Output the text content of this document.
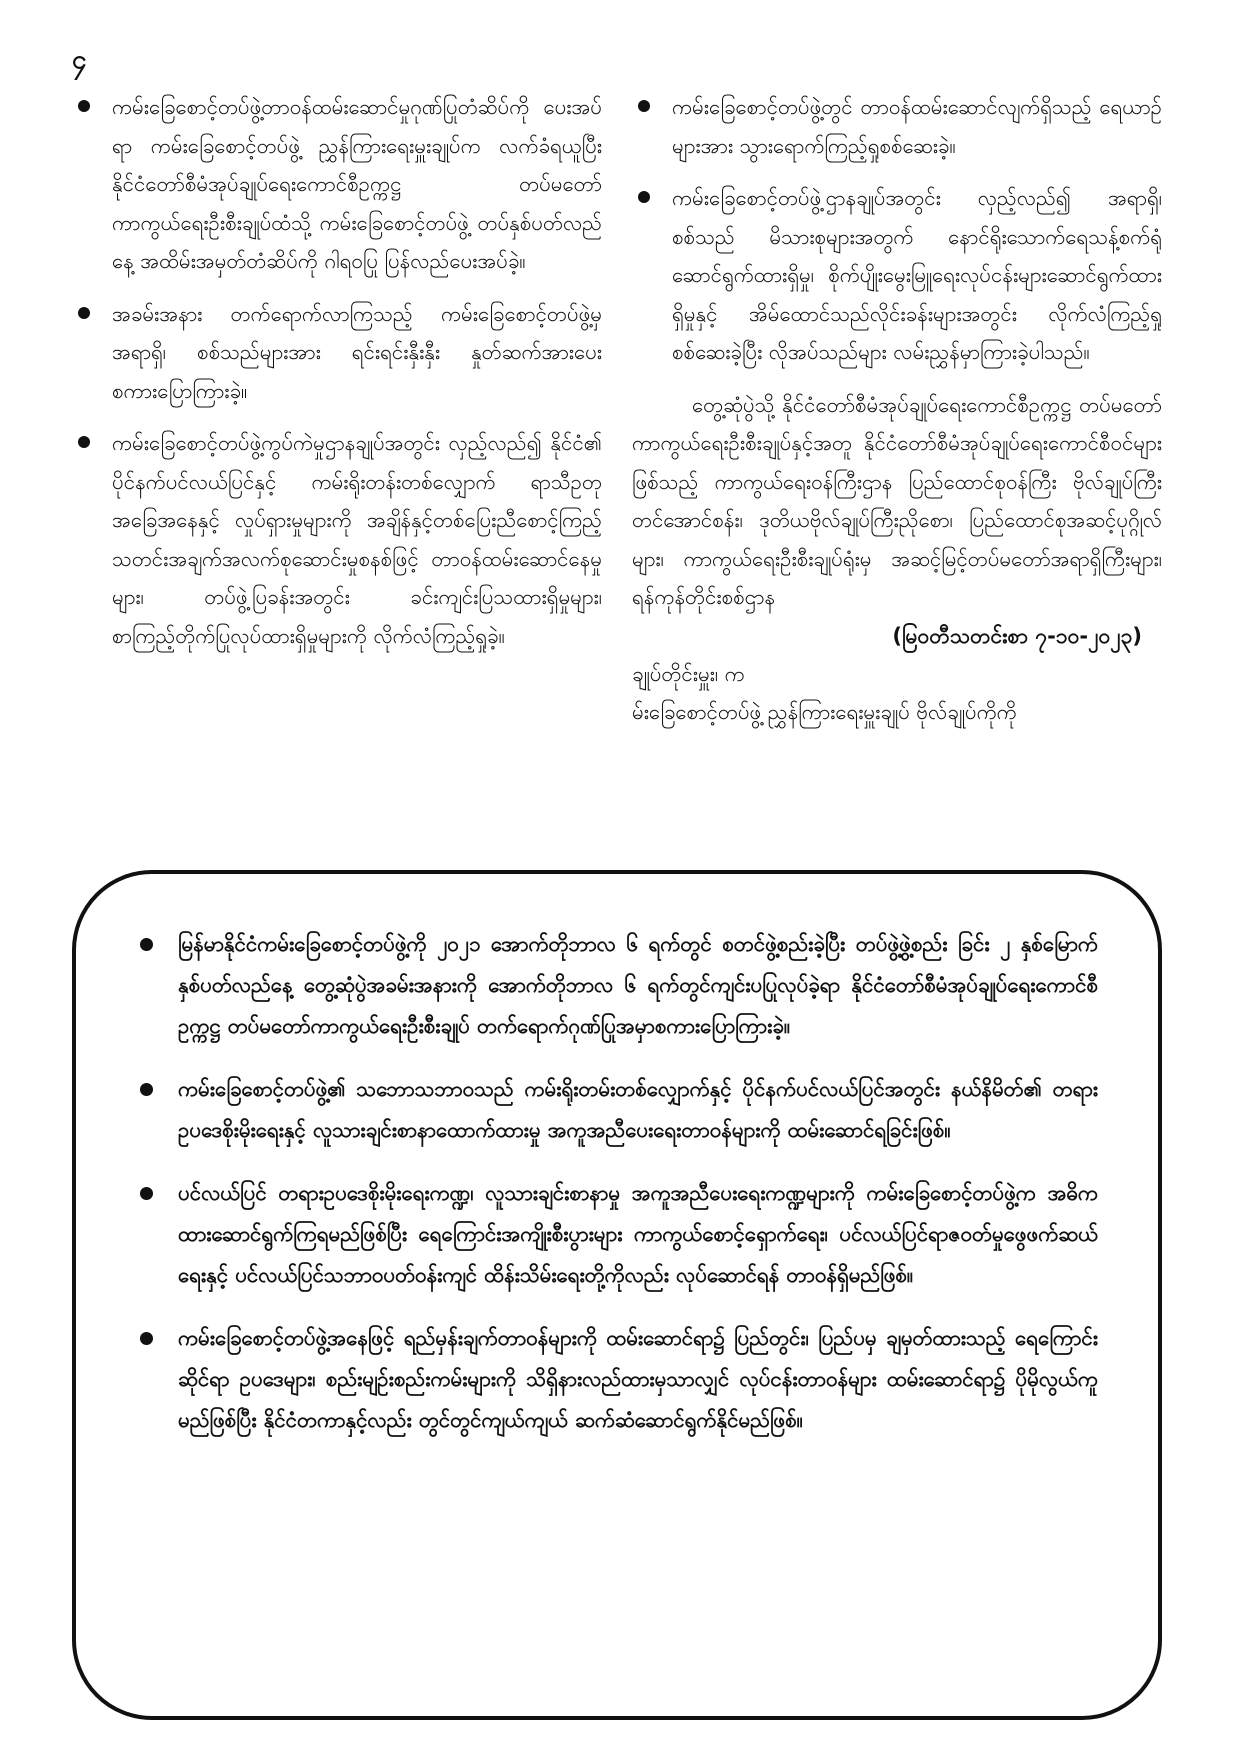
၄
ကမ်းခြေစောင့်တပ်ဖွဲ့တာဝန်ထမ်းဆောင်မှုဂုဏ်ပြုတံဆိပ်ကို ပေးအပ်ရာ ကမ်းခြေစောင့်တပ်ဖွဲ့ ညွှန်ကြားရေးမှူးချုပ်က လက်ခံရယူပြီး နိုင်ငံတော်စီမံအုပ်ချုပ်ရေးကောင်စီဥက္ကဋ္ဌ တပ်မတော်ကာကွယ်ရေးဦးစီးချုပ်ထံသို့ ကမ်းခြေစောင့်တပ်ဖွဲ့ တပ်နှစ်ပတ်လည်နေ့ အထိမ်းအမှတ်တံဆိပ်ကို ဂါရဝပြု ပြန်လည်ပေးအပ်ခဲ့။
အခမ်းအနား တက်ရောက်လာကြသည့် ကမ်းခြေစောင့်တပ်ဖွဲ့မှ အရာရှိ၊ စစ်သည်များအား ရင်းရင်းနှီးနှီး နှုတ်ဆက်အားပေးစကားပြောကြားခဲ့။
ကမ်းခြေစောင့်တပ်ဖွဲ့ကွပ်ကဲမှုဌာနချုပ်အတွင်း လှည့်လည်၍ နိုင်ငံ၏ ပိုင်နက်ပင်လယ်ပြင်နှင့် ကမ်းရိုးတန်းတစ်လျှောက် ရာသီဥတုအခြေအနေနှင့် လှုပ်ရှားမှုများကို အချိန်နှင့်တစ်ပြေးညီစောင့်ကြည့် သတင်းအချက်အလက်စုဆောင်းမှုစနစ်ဖြင့် တာဝန်ထမ်းဆောင်နေမှုများ၊ တပ်ဖွဲ့ပြခန်းအတွင်း ခင်းကျင်းပြသထားရှိမှုများ၊ စာကြည့်တိုက်ပြုလုပ်ထားရှိမှုများကို လိုက်လံကြည့်ရှုခဲ့။
ကမ်းခြေစောင့်တပ်ဖွဲ့တွင် တာဝန်ထမ်းဆောင်လျက်ရှိသည့် ရေယာဉ်များအား သွားရောက်ကြည့်ရှုစစ်ဆေးခဲ့။
ကမ်းခြေစောင့်တပ်ဖွဲ့ဌာနချုပ်အတွင်း လှည့်လည်၍ အရာရှိ၊ စစ်သည် မိသားစုများအတွက် နောင်ရိုးသောက်ရေသန့်စက်ရုံ ဆောင်ရွက်ထားရှိမှု၊ စိုက်ပျိုးမွေးမြူရေးလုပ်ငန်းများဆောင်ရွက်ထားရှိမှုနှင့် အိမ်ထောင်သည်လိုင်းခန်းများအတွင်း လိုက်လံကြည့်ရှုစစ်ဆေးခဲ့ပြီး လိုအပ်သည်များ လမ်းညွှန်မှာကြားခဲ့ပါသည်။

တွေ့ဆုံပွဲသို့ နိုင်ငံတော်စီမံအုပ်ချုပ်ရေးကောင်စီဥက္ကဋ္ဌ တပ်မတော်ကာကွယ်ရေးဦးစီးချုပ်နှင့်အတူ နိုင်ငံတော်စီမံအုပ်ချုပ်ရေးကောင်စီဝင်များဖြစ်သည့် ကာကွယ်ရေးဝန်ကြီးဌာန ပြည်ထောင်စုဝန်ကြီး ဗိုလ်ချုပ်ကြီးတင်အောင်စန်း၊ ဒုတိယဗိုလ်ချုပ်ကြီးညိုစော၊ ပြည်ထောင်စုအဆင့်ပုဂ္ဂိုလ်များ၊ ကာကွယ်ရေးဦးစီးချုပ်ရုံးမှ အဆင့်မြင့်တပ်မတော်အရာရှိကြီးများ၊ ရန်ကုန်တိုင်းစစ်ဌာန

(မြဝတီသတင်းစာ ၇-၁၀-၂၀၂၃)

ချုပ်တိုင်းမှူး၊ က

မ်းခြေစောင့်တပ်ဖွဲ့ ညွှန်ကြားရေးမှူးချုပ် ဗိုလ်ချုပ်ကိုကို

မြန်မာနိုင်ငံကမ်းခြေစောင့်တပ်ဖွဲ့ကို ၂၀၂၁ အောက်တိုဘာလ ၆ ရက်တွင် စတင်ဖွဲ့စည်းခဲ့ပြီး တပ်ဖွဲ့ဖွဲ့စည်း ခြင်း ၂ နှစ်မြောက် နှစ်ပတ်လည်နေ့ တွေ့ဆုံပွဲအခမ်းအနားကို အောက်တိုဘာလ ၆ ရက်တွင်ကျင်းပပြုလုပ်ခဲ့ရာ နိုင်ငံတော်စီမံအုပ်ချုပ်ရေးကောင်စီဥက္ကဋ္ဌ တပ်မတော်ကာကွယ်ရေးဦးစီးချုပ် တက်ရောက်ဂုဏ်ပြုအမှာစကားပြောကြားခဲ့။
ကမ်းခြေစောင့်တပ်ဖွဲ့၏ သဘောသဘာဝသည် ကမ်းရိုးတမ်းတစ်လျှောက်နှင့် ပိုင်နက်ပင်လယ်ပြင်အတွင်း နယ်နိမိတ်၏ တရားဥပဒေစိုးမိုးရေးနှင့် လူသားချင်းစာနာထောက်ထားမှု အကူအညီပေးရေးတာဝန်များကို ထမ်းဆောင်ရခြင်းဖြစ်။
ပင်လယ်ပြင် တရားဥပဒေစိုးမိုးရေးကဏ္ဍ၊ လူသားချင်းစာနာမှု အကူအညီပေးရေးကဏ္ဍများကို ကမ်းခြေစောင့်တပ်ဖွဲ့က အဓိကထားဆောင်ရွက်ကြရမည်ဖြစ်ပြီး ရေကြောင်းအကျိုးစီးပွားများ ကာကွယ်စောင့်ရှောက်ရေး၊ ပင်လယ်ပြင်ရာဇဝတ်မှုဖွေဖက်ဆယ်ရေးနှင့် ပင်လယ်ပြင်သဘာဝပတ်ဝန်းကျင် ထိန်းသိမ်းရေးတို့ကိုလည်း လုပ်ဆောင်ရန် တာဝန်ရှိမည်ဖြစ်။
ကမ်းခြေစောင့်တပ်ဖွဲ့အနေဖြင့် ရည်မှန်းချက်တာဝန်များကို ထမ်းဆောင်ရာ၌ ပြည်တွင်း၊ ပြည်ပမှ ချမှတ်ထားသည့် ရေကြောင်းဆိုင်ရာ ဥပဒေများ၊ စည်းမျဉ်းစည်းကမ်းများကို သိရှိနားလည်ထားမှသာလျှင် လုပ်ငန်းတာဝန်များ ထမ်းဆောင်ရာ၌ ပိုမိုလွယ်ကူမည်ဖြစ်ပြီး နိုင်ငံတကာနှင့်လည်း တွင်တွင်ကျယ်ကျယ် ဆက်ဆံဆောင်ရွက်နိုင်မည်ဖြစ်။
